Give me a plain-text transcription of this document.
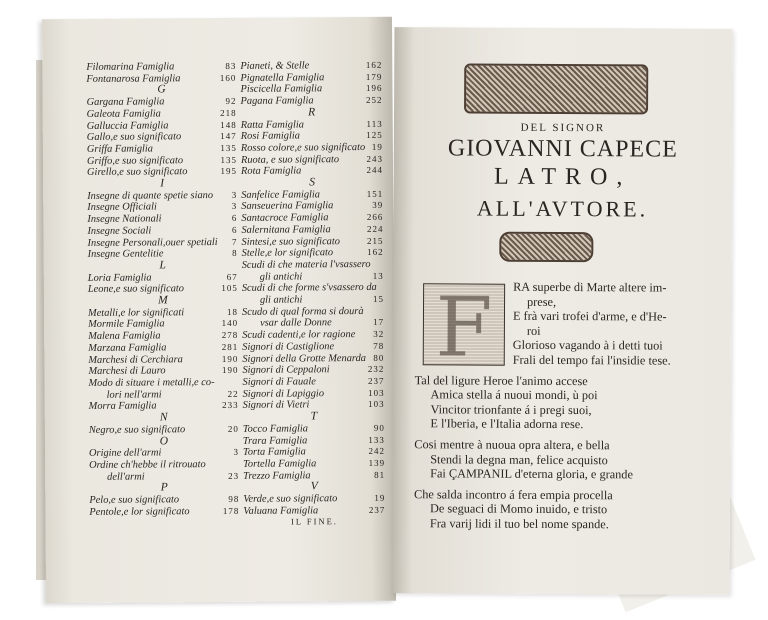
Filomarina Famiglia	83
Fontanarosa Famiglia	160
G
Gargana Famiglia	92
Galeota Famiglia	218
Galluccia Famiglia	148
Gallo,e suo significato	147
Griffa Famiglia	135
Griffo,e suo significato	135
Girello,e suo significato	195
I
Insegne di quante spetie siano 3
Insegne Officiali	3
Insegne Nationali	6
Insegne Sociali	6
Insegne Personali,ouer spetiali 7
Insegne Gentelitie	8
L
Loria Famiglia	67
Leone,e suo significato	105
M
Metalli,e lor significati	18
Mormile Famiglia	140
Malena Famiglia	278
Marzana Famiglia	281
Marchesi di Cerchiara	190
Marchesi di Lauro	190
Modo di situare i metalli,e co-
lori nell'armi	22
Morra Famiglia	233
N
Negro,e suo significato	20
O
Origine dell'armi	3
Ordine ch'hebbe il ritrouato
dell'armi	23
P
Pelo,e suo significato	98
Pentole,e lor significato	178
Pianeti, & Stelle	162
Pignatella Famiglia	179
Piscicella Famiglia	196
Pagana Famiglia	252
R
Ratta Famiglia	113
Rosi Famiglia	125
Rosso colore,e suo significato 19
Ruota, e suo significato	243
Rota Famiglia	244
S
Sanfelice Famiglia	151
Sanseuerina Famiglia	39
Santacroce Famiglia	266
Salernitana Famiglia	224
Sintesi,e suo significato	215
Stelle,e lor significato	162
Scudi di che materia l'vsassero
gli antichi	13
Scudi di che forme s'vsassero da
gli antichi	15
Scudo di qual forma si dourà
vsar dalle Donne	17
Scudi cadenti,e lor ragione 32
Signori di Castiglione	78
Signori della Grotte Menarda 80
Signori di Ceppaloni	232
Signori di Fauale	237
Signori di Lapiggio	103
Signori di Vietri	103
T
Tocco Famiglia	90
Trara Famiglia	133
Torta Famiglia	242
Tortella Famiglia	139
Trezzo Famiglia	81
V
Verde,e suo significato	19
Valuana Famiglia	237
IL FINE.
DEL SIGNOR
GIOVANNI CAPECE
LATRO,
ALL'AVTORE.
F	RA superbe di Marte altere im-
prese,
E frà vari trofei d'arme, e d'He-
roi
Glorioso vagando à i detti tuoi
Frali del tempo fai l'insidie tese.
Tal del ligure Heroe l'animo accese
Amica stella á nuoui mondi, ù poi
Vincitor trionfante á i pregi suoi,
E l'Iberia, e l'Italia adorna rese.
Cosi mentre à nuoua opra altera, e bella
Stendi la degna man, felice acquisto
Fai ÇAMPANIL d'eterna gloria, e grande
Che salda incontro á fera empia procella
De seguaci di Momo inuido, e tristo
Fra varij lidi il tuo bel nome spande.
